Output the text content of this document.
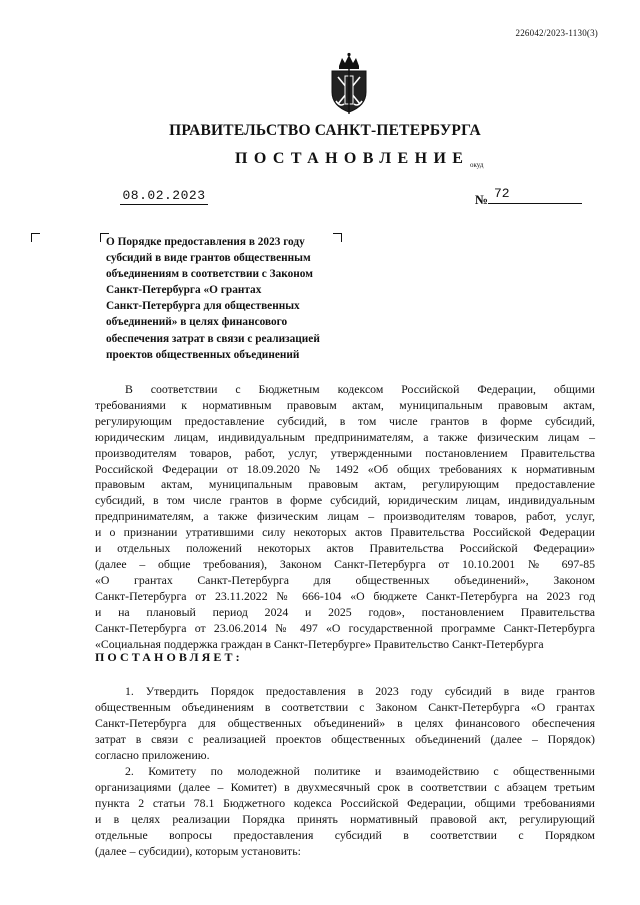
226042/2023-1130(3)
ПРАВИТЕЛЬСТВО САНКТ-ПЕТЕРБУРГА
ПОСТАНОВЛЕНИЕ окуд
08.02.2023	№ 72
О Порядке предоставления в 2023 году
субсидий в виде грантов общественным
объединениям в соответствии с Законом
Санкт-Петербурга «О грантах
Санкт-Петербурга для общественных
объединений» в целях финансового
обеспечения затрат в связи с реализацией
проектов общественных объединений
В соответствии с Бюджетным кодексом Российской Федерации, общими
требованиями к нормативным правовым актам, муниципальным правовым актам,
регулирующим предоставление субсидий, в том числе грантов в форме субсидий,
юридическим лицам, индивидуальным предпринимателям, а также физическим лицам –
производителям товаров, работ, услуг, утвержденными постановлением Правительства
Российской Федерации от 18.09.2020 № 1492 «Об общих требованиях к нормативным
правовым актам, муниципальным правовым актам, регулирующим предоставление
субсидий, в том числе грантов в форме субсидий, юридическим лицам, индивидуальным
предпринимателям, а также физическим лицам – производителям товаров, работ, услуг,
и о признании утратившими силу некоторых актов Правительства Российской Федерации
и отдельных положений некоторых актов Правительства Российской Федерации»
(далее – общие требования), Законом Санкт-Петербурга от 10.10.2001 № 697-85
«О грантах Санкт-Петербурга для общественных объединений», Законом
Санкт-Петербурга от 23.11.2022 № 666-104 «О бюджете Санкт-Петербурга на 2023 год
и на плановый период 2024 и 2025 годов», постановлением Правительства
Санкт-Петербурга от 23.06.2014 № 497 «О государственной программе Санкт-Петербурга
«Социальная поддержка граждан в Санкт-Петербурге» Правительство Санкт-Петербурга
ПОСТАНОВЛЯЕТ:
1. Утвердить Порядок предоставления в 2023 году субсидий в виде грантов
общественным объединениям в соответствии с Законом Санкт-Петербурга «О грантах
Санкт-Петербурга для общественных объединений» в целях финансового обеспечения
затрат в связи с реализацией проектов общественных объединений (далее – Порядок)
согласно приложению.
2. Комитету по молодежной политике и взаимодействию с общественными
организациями (далее – Комитет) в двухмесячный срок в соответствии с абзацем третьим
пункта 2 статьи 78.1 Бюджетного кодекса Российской Федерации, общими требованиями
и в целях реализации Порядка принять нормативный правовой акт, регулирующий
отдельные вопросы предоставления субсидий в соответствии с Порядком
(далее – субсидии), которым установить:
